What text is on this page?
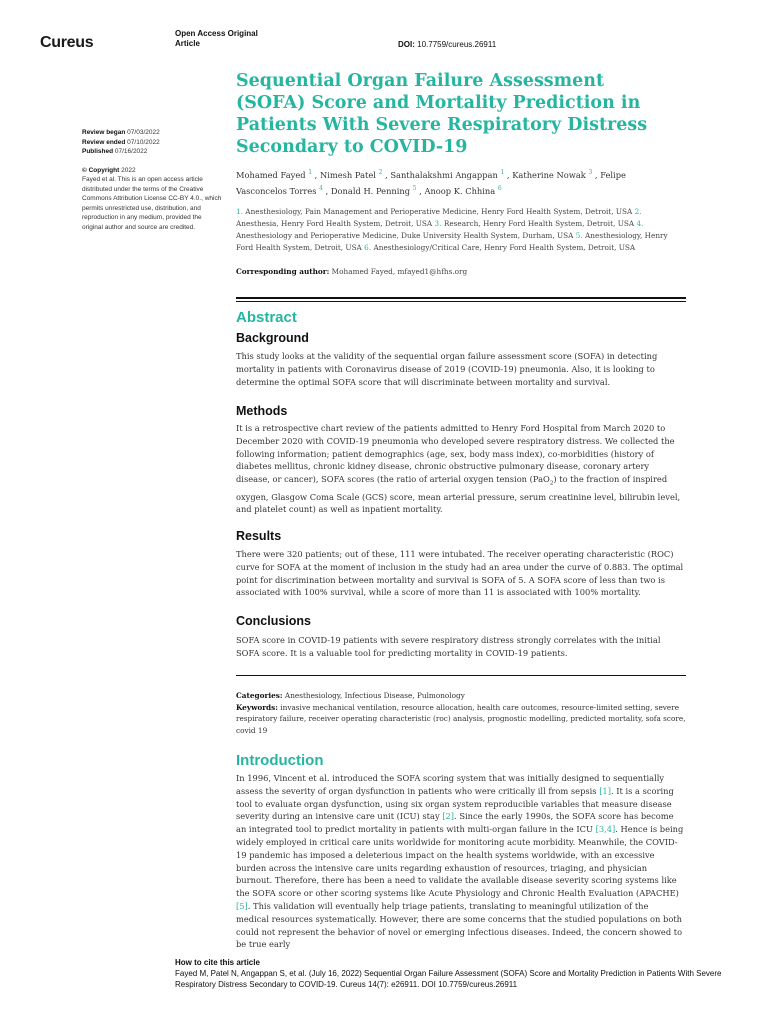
Cureus
Open Access Original
Article	DOI: 10.7759/cureus.26911
Sequential Organ Failure Assessment (SOFA) Score and Mortality Prediction in Patients With Severe Respiratory Distress Secondary to COVID-19
Review began 07/03/2022
Review ended 07/10/2022
Published 07/16/2022
© Copyright 2022
Fayed et al. This is an open access article distributed under the terms of the Creative Commons Attribution License CC-BY 4.0., which permits unrestricted use, distribution, and reproduction in any medium, provided the original author and source are credited.
Mohamed Fayed $^1$ , Nimesh Patel $^2$ , Santhalakshmi Angappan $^1$ , Katherine Nowak $^3$ , Felipe Vasconcelos Torres $^4$ , Donald H. Penning $^5$ , Anoop K. Chhina $^6$
1. Anesthesiology, Pain Management and Perioperative Medicine, Henry Ford Health System, Detroit, USA 2. Anesthesia, Henry Ford Health System, Detroit, USA 3. Research, Henry Ford Health System, Detroit, USA 4. Anesthesiology and Perioperative Medicine, Duke University Health System, Durham, USA 5. Anesthesiology, Henry Ford Health System, Detroit, USA 6. Anesthesiology/Critical Care, Henry Ford Health System, Detroit, USA
Corresponding author: Mohamed Fayed, mfayed1@hfhs.org
Abstract
Background
This study looks at the validity of the sequential organ failure assessment score (SOFA) in detecting mortality in patients with Coronavirus disease of 2019 (COVID-19) pneumonia. Also, it is looking to determine the optimal SOFA score that will discriminate between mortality and survival.
Methods
It is a retrospective chart review of the patients admitted to Henry Ford Hospital from March 2020 to December 2020 with COVID-19 pneumonia who developed severe respiratory distress. We collected the following information; patient demographics (age, sex, body mass index), co-morbidities (history of diabetes mellitus, chronic kidney disease, chronic obstructive pulmonary disease, coronary artery disease, or cancer), SOFA scores (the ratio of arterial oxygen tension (PaO$_2$) to the fraction of inspired oxygen, Glasgow Coma Scale (GCS) score, mean arterial pressure, serum creatinine level, bilirubin level, and platelet count) as well as inpatient mortality.
Results
There were 320 patients; out of these, 111 were intubated. The receiver operating characteristic (ROC) curve for SOFA at the moment of inclusion in the study had an area under the curve of 0.883. The optimal point for discrimination between mortality and survival is SOFA of 5. A SOFA score of less than two is associated with 100% survival, while a score of more than 11 is associated with 100% mortality.
Conclusions
SOFA score in COVID-19 patients with severe respiratory distress strongly correlates with the initial SOFA score. It is a valuable tool for predicting mortality in COVID-19 patients.
Categories: Anesthesiology, Infectious Disease, Pulmonology
Keywords: invasive mechanical ventilation, resource allocation, health care outcomes, resource-limited setting, severe respiratory failure, receiver operating characteristic (roc) analysis, prognostic modelling, predicted mortality, sofa score, covid 19
Introduction
In 1996, Vincent et al. introduced the SOFA scoring system that was initially designed to sequentially assess the severity of organ dysfunction in patients who were critically ill from sepsis [1]. It is a scoring tool to evaluate organ dysfunction, using six organ system reproducible variables that measure disease severity during an intensive care unit (ICU) stay [2]. Since the early 1990s, the SOFA score has become an integrated tool to predict mortality in patients with multi-organ failure in the ICU [3,4]. Hence is being widely employed in critical care units worldwide for monitoring acute morbidity. Meanwhile, the COVID-19 pandemic has imposed a deleterious impact on the health systems worldwide, with an excessive burden across the intensive care units regarding exhaustion of resources, triaging, and physician burnout. Therefore, there has been a need to validate the available disease severity scoring systems like the SOFA score or other scoring systems like Acute Physiology and Chronic Health Evaluation (APACHE) [5]. This validation will eventually help triage patients, translating to meaningful utilization of the medical resources systematically. However, there are some concerns that the studied populations on both could not represent the behavior of novel or emerging infectious diseases. Indeed, the concern showed to be true early
How to cite this article
Fayed M, Patel N, Angappan S, et al. (July 16, 2022) Sequential Organ Failure Assessment (SOFA) Score and Mortality Prediction in Patients With Severe Respiratory Distress Secondary to COVID-19. Cureus 14(7): e26911. DOI 10.7759/cureus.26911
